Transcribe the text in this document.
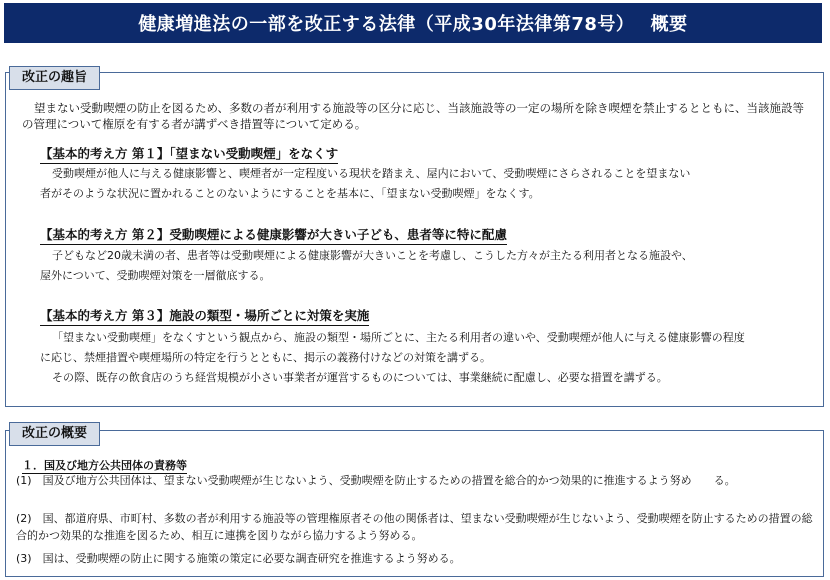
健康増進法の一部を改正する法律（平成30年法律第78号）　 概要
改正の趣旨
望まない受動喫煙の防止を図るため、多数の者が利用する施設等の区分に応じ、当該施設等の一定の場所を除き喫煙を禁止するとともに、当該施設等の管理について権原を有する者が講ずべき措置等について定める。
【基本的考え方 第１】「望まない受動喫煙」をなくす
受動喫煙が他人に与える健康影響と、喫煙者が一定程度いる現状を踏まえ、屋内において、受動喫煙にさらされることを望まない
者がそのような状況に置かれることのないようにすることを基本に、「望まない受動喫煙」をなくす。
【基本的考え方 第２】受動喫煙による健康影響が大きい子ども、患者等に特に配慮
子どもなど20歳未満の者、患者等は受動喫煙による健康影響が大きいことを考慮し、こうした方々が主たる利用者となる施設や、
屋外について、受動喫煙対策を一層徹底する。
【基本的考え方 第３】施設の類型・場所ごとに対策を実施
「望まない受動喫煙」をなくすという観点から、施設の類型・場所ごとに、主たる利用者の違いや、受動喫煙が他人に与える健康影響の程度
に応じ、禁煙措置や喫煙場所の特定を行うとともに、掲示の義務付けなどの対策を講ずる。
その際、既存の飲食店のうち経営規模が小さい事業者が運営するものについては、事業継続に配慮し、必要な措置を講ずる。
改正の概要
１．国及び地方公共団体の責務等
(1)　国及び地方公共団体は、望まない受動喫煙が生じないよう、受動喫煙を防止するための措置を総合的かつ効果的に推進するよう努め　　る。
(2)　国、都道府県、市町村、多数の者が利用する施設等の管理権原者その他の関係者は、望まない受動喫煙が生じないよう、受動喫煙を防止するための措置の総合的かつ効果的な推進を図るため、相互に連携を図りながら協力するよう努める。
(3)　国は、受動喫煙の防止に関する施策の策定に必要な調査研究を推進するよう努める。
